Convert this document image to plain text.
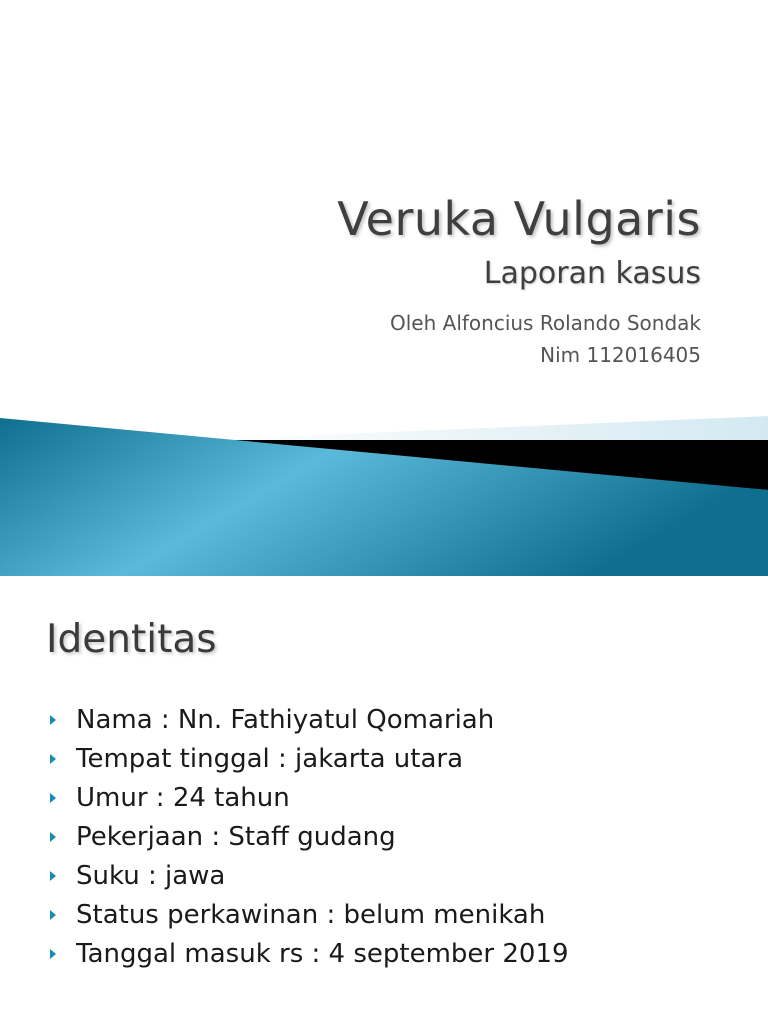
Veruka Vulgaris
Laporan kasus
Oleh Alfoncius Rolando Sondak
Nim 112016405
Identitas
Nama : Nn. Fathiyatul Qomariah
Tempat tinggal : jakarta utara
Umur : 24 tahun
Pekerjaan : Staff gudang
Suku : jawa
Status perkawinan : belum menikah
Tanggal masuk rs : 4 september 2019
